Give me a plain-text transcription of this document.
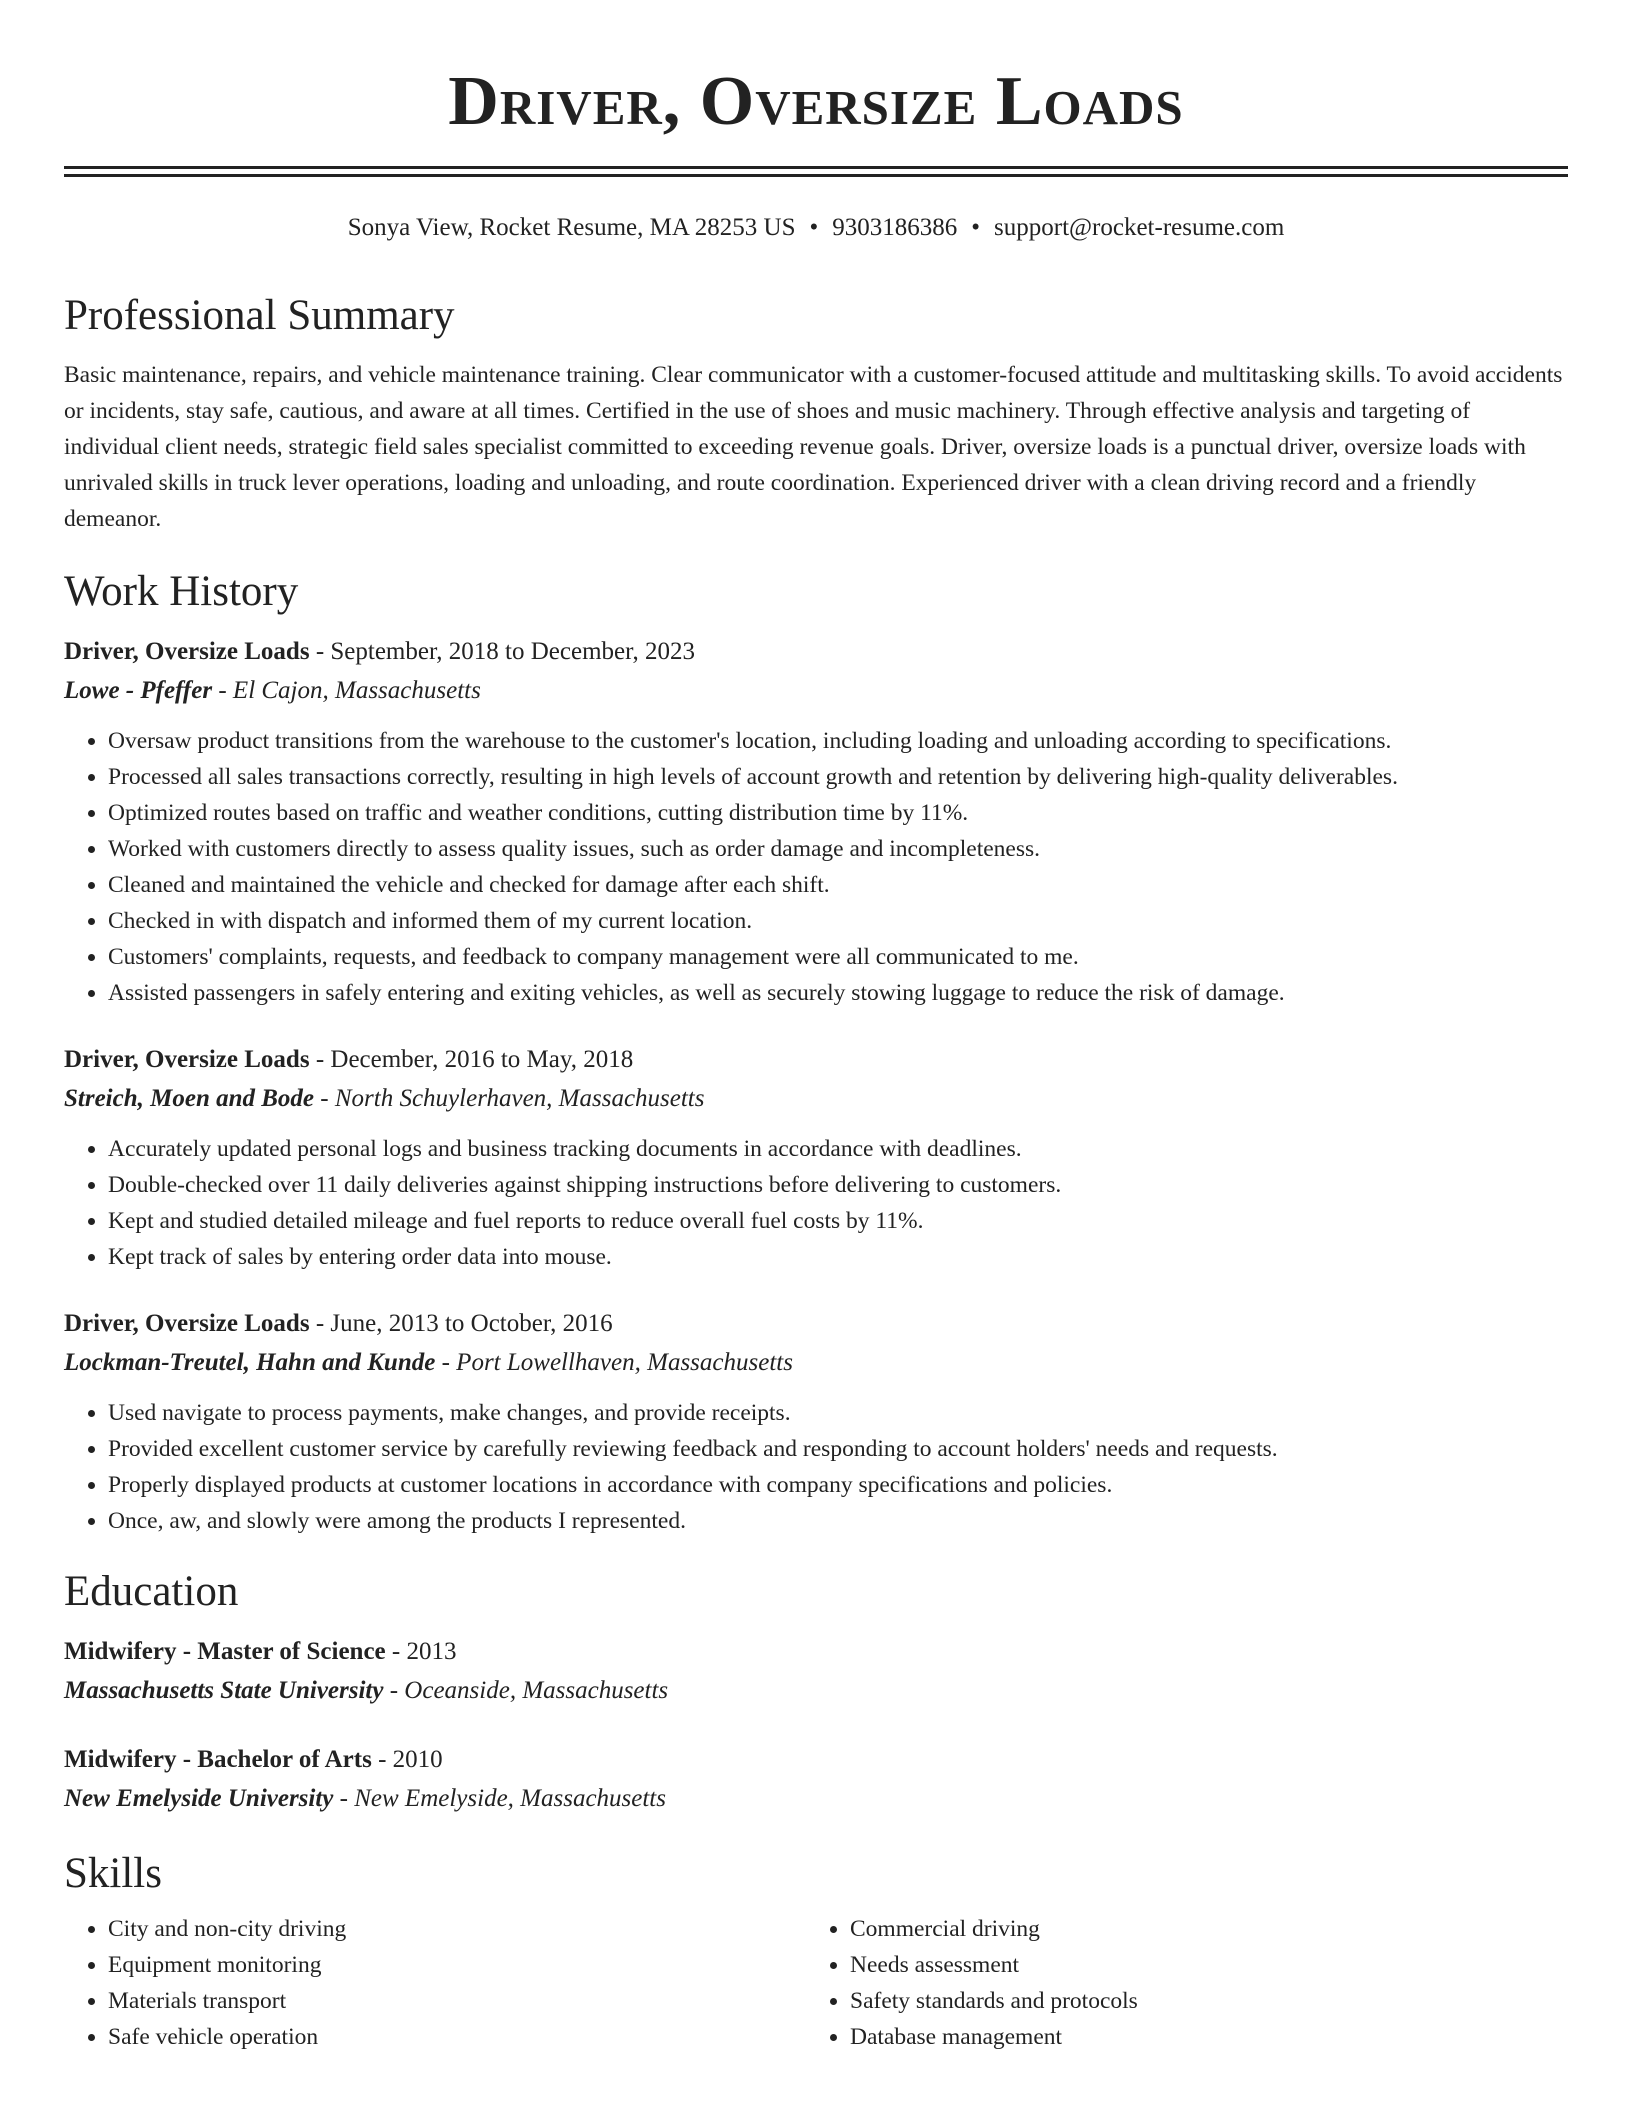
Driver, Oversize Loads
Sonya View, Rocket Resume, MA 28253 US • 9303186386 • support@rocket-resume.com
Professional Summary

Basic maintenance, repairs, and vehicle maintenance training. Clear communicator with a customer-focused attitude and multitasking skills. To avoid accidents or incidents, stay safe, cautious, and aware at all times. Certified in the use of shoes and music machinery. Through effective analysis and targeting of individual client needs, strategic field sales specialist committed to exceeding revenue goals. Driver, oversize loads is a punctual driver, oversize loads with unrivaled skills in truck lever operations, loading and unloading, and route coordination. Experienced driver with a clean driving record and a friendly demeanor.

Work History
Driver, Oversize Loads - September, 2018 to December, 2023
Lowe - Pfeffer - El Cajon, Massachusetts
• Oversaw product transitions from the warehouse to the customer's location, including loading and unloading according to specifications.
• Processed all sales transactions correctly, resulting in high levels of account growth and retention by delivering high-quality deliverables.
• Optimized routes based on traffic and weather conditions, cutting distribution time by 11%.
• Worked with customers directly to assess quality issues, such as order damage and incompleteness.
• Cleaned and maintained the vehicle and checked for damage after each shift.
• Checked in with dispatch and informed them of my current location.
• Customers' complaints, requests, and feedback to company management were all communicated to me.
• Assisted passengers in safely entering and exiting vehicles, as well as securely stowing luggage to reduce the risk of damage.
Driver, Oversize Loads - December, 2016 to May, 2018
Streich, Moen and Bode - North Schuylerhaven, Massachusetts
• Accurately updated personal logs and business tracking documents in accordance with deadlines.
• Double-checked over 11 daily deliveries against shipping instructions before delivering to customers.
• Kept and studied detailed mileage and fuel reports to reduce overall fuel costs by 11%.
• Kept track of sales by entering order data into mouse.
Driver, Oversize Loads - June, 2013 to October, 2016
Lockman-Treutel, Hahn and Kunde - Port Lowellhaven, Massachusetts
• Used navigate to process payments, make changes, and provide receipts.
• Provided excellent customer service by carefully reviewing feedback and responding to account holders' needs and requests.
• Properly displayed products at customer locations in accordance with company specifications and policies.
• Once, aw, and slowly were among the products I represented.
Education
Midwifery - Master of Science - 2013
Massachusetts State University - Oceanside, Massachusetts
Midwifery - Bachelor of Arts - 2010
New Emelyside University - New Emelyside, Massachusetts
Skills
• City and non-city driving
• Equipment monitoring
• Materials transport
• Safe vehicle operation
• Commercial driving
• Needs assessment
• Safety standards and protocols
• Database management
